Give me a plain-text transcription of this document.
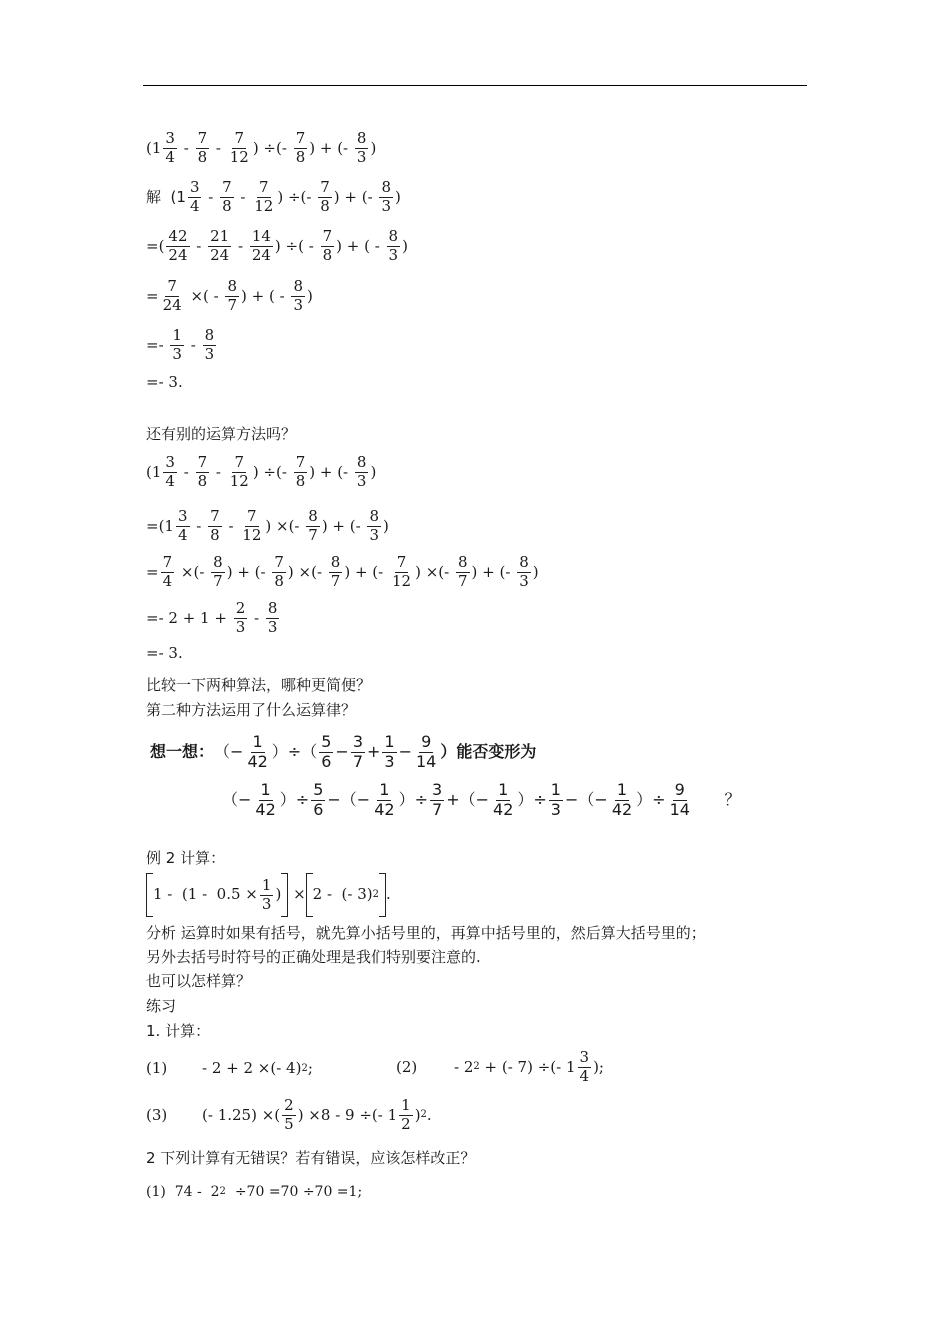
($1 \frac{3}{4} - \frac{7}{8} - \frac{7}{12}$ ) ÷(- $\frac{7}{8}$ ) + (- $\frac{8}{3}$ )
解  ($1 \frac{3}{4} - \frac{7}{8} - \frac{7}{12}$ ) ÷(- $\frac{7}{8}$ ) + (- $\frac{8}{3}$ )
=( $\frac{42}{24} - \frac{21}{24} - \frac{14}{24}$ ) ÷( - $\frac{7}{8}$ ) + ( - $\frac{8}{3}$ )
= $\frac{7}{24}$ ×( - $\frac{8}{7}$ ) + ( - $\frac{8}{3}$ )
=- $\frac{1}{3} - \frac{8}{3}$
=- 3.
还有别的运算方法吗？
($1 \frac{3}{4} - \frac{7}{8} - \frac{7}{12}$ ) ÷(- $\frac{7}{8}$ ) + (- $\frac{8}{3}$ )
$=(1 \frac{3}{4} - \frac{7}{8} - \frac{7}{12}$ ) ×(- $\frac{8}{7}$ ) + (- $\frac{8}{3}$ )
= $\frac{7}{4}$ ×(- $\frac{8}{7}$ ) + (- $\frac{7}{8}$ ) ×(- $\frac{8}{7}$ ) + (- $\frac{7}{12}$ ) ×(- $\frac{8}{7}$ ) + (- $\frac{8}{3}$ )
=- $2 + 1 + \frac{2}{3} - \frac{8}{3}$
=- 3.
比较一下两种算法，哪种更简便？
第二种方法运用了什么运算律？
想一想： （− $\frac{1}{42}$ ）÷（ $\frac{5}{6} - \frac{3}{7} + \frac{1}{3} - \frac{9}{14}$ ）能否变形为
（− $\frac{1}{42}$ ）÷ $\frac{5}{6}$ −（− $\frac{1}{42}$ ）÷ $\frac{3}{7}$ +（− $\frac{1}{42}$ ）÷ $\frac{1}{3}$ −（− $\frac{1}{42}$ ）÷ $\frac{9}{14}$ ？
例 2 计算：
$1 - (1 - 0.5 \times \frac{1}{3}$ ) × 2 -  (- 3) 2 .
分析 运算时如果有括号，就先算小括号里的，再算中括号里的，然后算大括号里的；
另外去括号时符号的正确处理是我们特别要注意的.
也可以怎样算？
练习
1. 计算：
(1)	- 2 + 2 ×(- 4) 2 ;	(2)	- 2 2 + (- 7) ÷(- $1 \frac{3}{4}$ );
(3)	(- 1.25) ×( $\frac{2}{5}$ ) ×8 - 9 ÷(- $1 \frac{1}{2}$ ) 2 .
2 下列计算有无错误？若有错误，应该怎样改正？
(1)  74 -  2 2 ÷70 =70 ÷70 =1;
